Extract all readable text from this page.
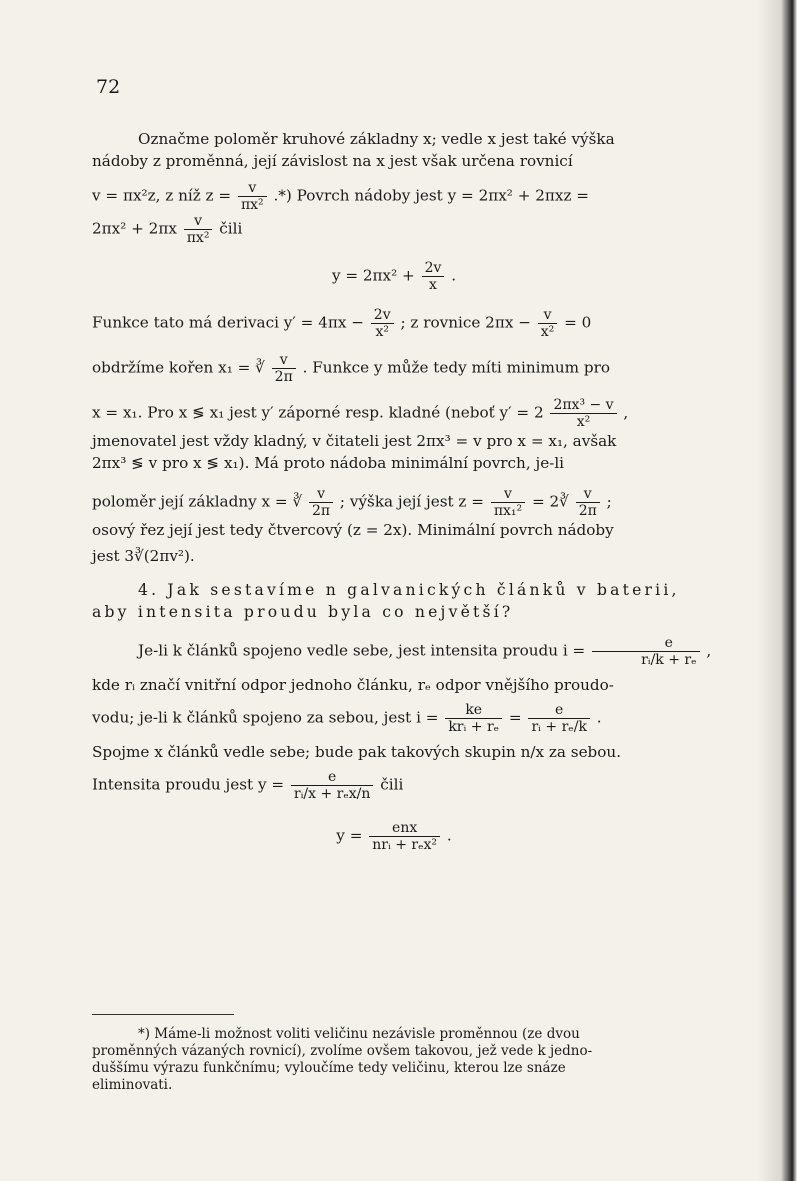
72

Označme poloměr kruhové základny x; vedle x jest také výška

nádoby z proměnná, její závislost na x jest však určena rovnicí

v = πx²z, z níž $z = \frac{v}{\text{πx²}}$ .*) Povrch nádoby jest y = 2πx² + 2πxz =

$2\pi x^2 + 2\pi x \frac{v}{\text{πx²}}$ čili

$y = 2\pi x^2 + \frac{2v}{x}$ .

Funkce tato má derivaci $y' = 4\pi x - \frac{2v}{\text{x²}}$ ; z rovnice $2\pi x - \frac{v}{\text{x²}} = 0$

obdržíme kořen x₁ = ∛ $\frac{v}{2\pi}$ . Funkce y může tedy míti minimum pro

x = x₁. Pro x ≶ x₁ jest y′ záporné resp. kladné (neboť $y' = 2 \frac{\text{2πx³ − v}}{\text{x²}}$ ,

jmenovatel jest vždy kladný, v čitateli jest 2πx³ = v pro x = x₁, avšak

2πx³ ≶ v pro x ≶ x₁). Má proto nádoba minimální povrch, je-li

poloměr její základny x = ∛ $\frac{v}{2\pi}$ ; výška její jest $z = \frac{v}{\text{πx₁²}}$ = 2∛ $\frac{v}{2\pi}$ ;

osový řez její jest tedy čtvercový (z = 2x). Minimální povrch nádoby

jest 3∛(2πv²).

4. Jak sestavíme n galvanických článků v baterii,
aby intensita proudu byla co největší?

Je-li k článků spojeno vedle sebe, jest intensita proudu $i = \frac{e}{\text{rᵢ/k + rₑ}}$ ,

kde rᵢ značí vnitřní odpor jednoho článku, rₑ odpor vnějšího proudo-

vodu; je-li k článků spojeno za sebou, jest $i = \frac{ke}{\text{krᵢ + rₑ}} = \frac{e}{\text{rᵢ + rₑ/k}}$ .

Spojme x článků vedle sebe; bude pak takových skupin n/x za sebou.

Intensita proudu jest $y = \frac{e}{\text{rᵢ/x + rₑx/n}}$ čili

$y = \frac{\text{enx}}{\text{nrᵢ + rₑx²}}$ .

*) Máme-li možnost voliti veličinu nezávisle proměnnou (ze dvou
proměnných vázaných rovnicí), zvolíme ovšem takovou, jež vede k jedno-
duššímu výrazu funkčnímu; vyloučíme tedy veličinu, kterou lze snáze
eliminovati.
